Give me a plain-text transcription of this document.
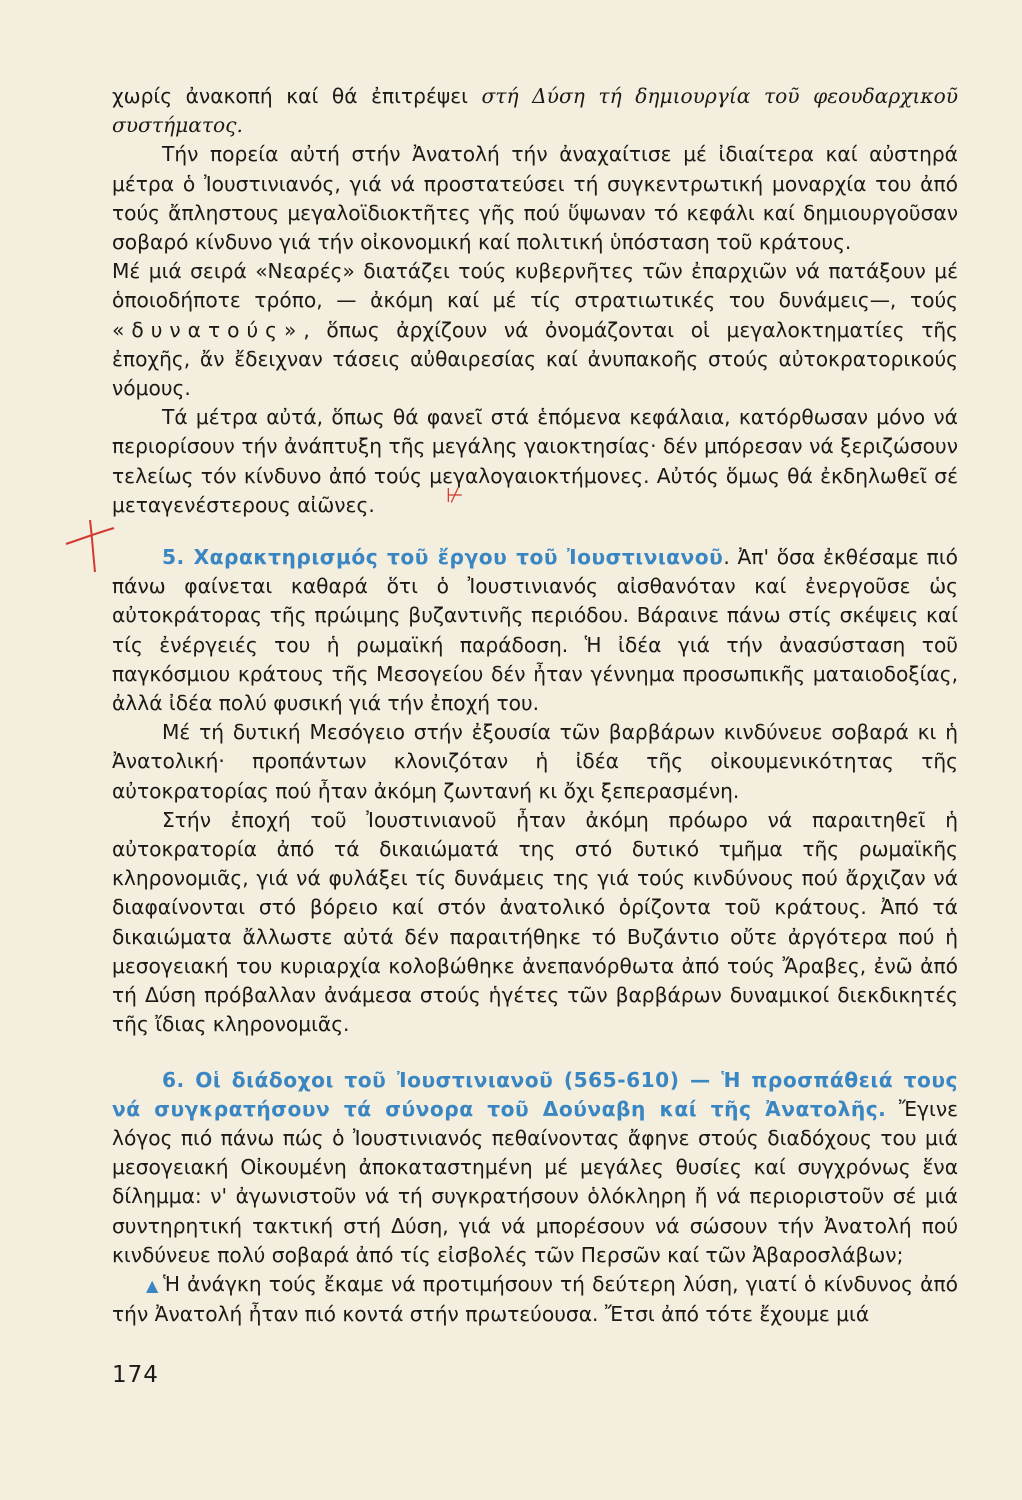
χωρίς ἀνακοπή καί θά ἐπιτρέψει στή Δύση τή δημιουργία τοῦ φεουδαρχικοῦ συστήματος.

Τήν πορεία αὐτή στήν Ἀνατολή τήν ἀναχαίτισε μέ ἰδιαίτερα καί αὐστηρά μέτρα ὁ Ἰουστινιανός, γιά νά προστατεύσει τή συγκεντρωτική μοναρχία του ἀπό τούς ἄπληστους μεγαλοϊδιοκτῆτες γῆς πού ὕψωναν τό κεφάλι καί δημιουργοῦσαν σοβαρό κίνδυνο γιά τήν οἰκονομική καί πολιτική ὑπόσταση τοῦ κράτους.

Μέ μιά σειρά «Νεαρές» διατάζει τούς κυβερνῆτες τῶν ἐπαρχιῶν νά πατάξουν μέ ὁποιοδήποτε τρόπο, — ἀκόμη καί μέ τίς στρατιωτικές του δυνάμεις—, τούς «δυνατούς», ὅπως ἀρχίζουν νά ὀνομάζονται οἱ μεγαλοκτηματίες τῆς ἐποχῆς, ἄν ἔδειχναν τάσεις αὐθαιρεσίας καί ἀνυπακοῆς στούς αὐτοκρατορικούς νόμους.

Τά μέτρα αὐτά, ὅπως θά φανεῖ στά ἑπόμενα κεφάλαια, κατόρθωσαν μόνο νά περιορίσουν τήν ἀνάπτυξη τῆς μεγάλης γαιοκτησίας· δέν μπόρεσαν νά ξεριζώσουν τελείως τόν κίνδυνο ἀπό τούς μεγαλογαιοκτήμονες. Αὐτός ὅμως θά ἐκδηλωθεῖ σέ μεταγενέστερους αἰῶνες.

5. Χαρακτηρισμός τοῦ ἔργου τοῦ Ἰουστινιανοῦ. Ἀπ' ὅσα ἐκθέσαμε πιό πάνω φαίνεται καθαρά ὅτι ὁ Ἰουστινιανός αἰσθανόταν καί ἐνεργοῦσε ὡς αὐτοκράτορας τῆς πρώιμης βυζαντινῆς περιόδου. Βάραινε πάνω στίς σκέψεις καί τίς ἐνέργειές του ἡ ρωμαϊκή παράδοση. Ἡ ἰδέα γιά τήν ἀνασύσταση τοῦ παγκόσμιου κράτους τῆς Μεσογείου δέν ἦταν γέννημα προσωπικῆς ματαιοδοξίας, ἀλλά ἰδέα πολύ φυσική γιά τήν ἐποχή του.

Μέ τή δυτική Μεσόγειο στήν ἐξουσία τῶν βαρβάρων κινδύνευε σοβαρά κι ἡ Ἀνατολική· προπάντων κλονιζόταν ἡ ἰδέα τῆς οἰκουμενικότητας τῆς αὐτοκρατορίας πού ἦταν ἀκόμη ζωντανή κι ὄχι ξεπερασμένη.

Στήν ἐποχή τοῦ Ἰουστινιανοῦ ἦταν ἀκόμη πρόωρο νά παραιτηθεῖ ἡ αὐτοκρατορία ἀπό τά δικαιώματά της στό δυτικό τμῆμα τῆς ρωμαϊκῆς κληρονομιᾶς, γιά νά φυλάξει τίς δυνάμεις της γιά τούς κινδύνους πού ἄρχιζαν νά διαφαίνονται στό βόρειο καί στόν ἀνατολικό ὁρίζοντα τοῦ κράτους. Ἀπό τά δικαιώματα ἄλλωστε αὐτά δέν παραιτήθηκε τό Βυζάντιο οὔτε ἀργότερα πού ἡ μεσογειακή του κυριαρχία κολοβώθηκε ἀνεπανόρθωτα ἀπό τούς Ἄραβες, ἐνῶ ἀπό τή Δύση πρόβαλλαν ἀνάμεσα στούς ἡγέτες τῶν βαρβάρων δυναμικοί διεκδικητές τῆς ἴδιας κληρονομιᾶς.

6. Οἱ διάδοχοι τοῦ Ἰουστινιανοῦ (565-610) — Ἡ προσπάθειά τους νά συγκρατήσουν τά σύνορα τοῦ Δούναβη καί τῆς Ἀνατολῆς. Ἔγινε λόγος πιό πάνω πώς ὁ Ἰουστινιανός πεθαίνοντας ἄφηνε στούς διαδόχους του μιά μεσογειακή Οἰκουμένη ἀποκαταστημένη μέ μεγάλες θυσίες καί συγχρόνως ἕνα δίλημμα: ν' ἀγωνιστοῦν νά τή συγκρατήσουν ὁλόκληρη ἤ νά περιοριστοῦν σέ μιά συντηρητική τακτική στή Δύση, γιά νά μπορέσουν νά σώσουν τήν Ἀνατολή πού κινδύνευε πολύ σοβαρά ἀπό τίς εἰσβολές τῶν Περσῶν καί τῶν Ἀβαροσλάβων;

▲ Ἡ ἀνάγκη τούς ἔκαμε νά προτιμήσουν τή δεύτερη λύση, γιατί ὁ κίνδυνος ἀπό τήν Ἀνατολή ἦταν πιό κοντά στήν πρωτεύουσα. Ἔτσι ἀπό τότε ἔχουμε μιά

⊬
174
